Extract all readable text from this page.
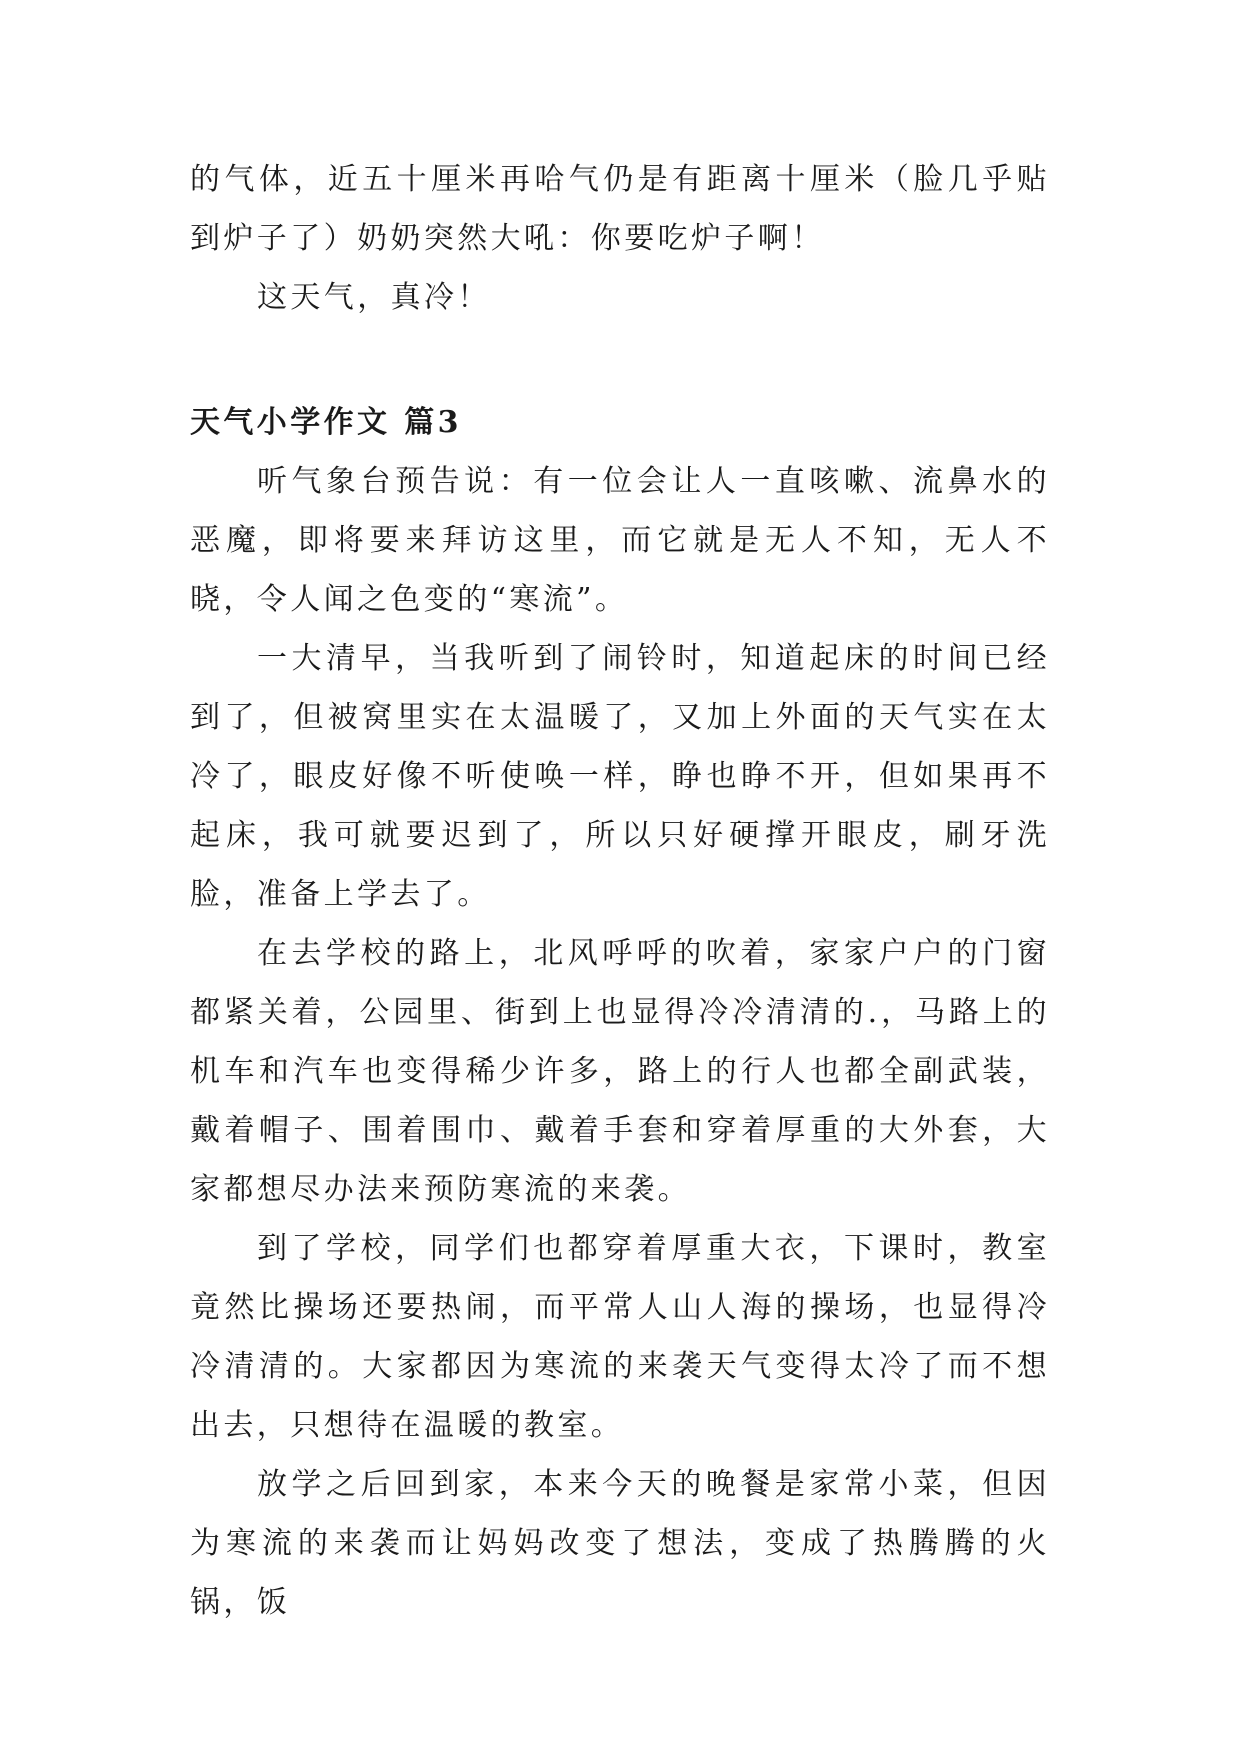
的气体，近五十厘米再哈气仍是有距离十厘米（脸几乎贴到炉子了）奶奶突然大吼：你要吃炉子啊！

这天气，真冷！

天气小学作文 篇3

听气象台预告说：有一位会让人一直咳嗽、流鼻水的恶魔，即将要来拜访这里，而它就是无人不知，无人不晓，令人闻之色变的“寒流”。

一大清早，当我听到了闹铃时，知道起床的时间已经到了，但被窝里实在太温暖了，又加上外面的天气实在太冷了，眼皮好像不听使唤一样，睁也睁不开，但如果再不起床，我可就要迟到了，所以只好硬撑开眼皮，刷牙洗脸，准备上学去了。

在去学校的路上，北风呼呼的吹着，家家户户的门窗都紧关着，公园里、街到上也显得冷冷清清的.，马路上的机车和汽车也变得稀少许多，路上的行人也都全副武装，戴着帽子、围着围巾、戴着手套和穿着厚重的大外套，大家都想尽办法来预防寒流的来袭。

到了学校，同学们也都穿着厚重大衣，下课时，教室竟然比操场还要热闹，而平常人山人海的操场，也显得冷冷清清的。大家都因为寒流的来袭天气变得太冷了而不想出去，只想待在温暖的教室。

放学之后回到家，本来今天的晚餐是家常小菜，但因为寒流的来袭而让妈妈改变了想法，变成了热腾腾的火锅，饭
